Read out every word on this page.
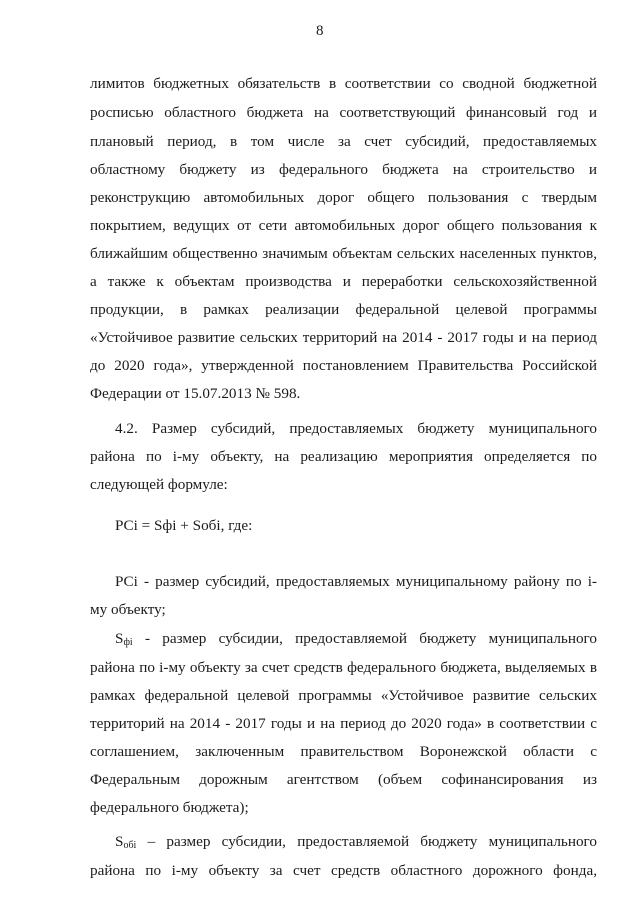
8
лимитов бюджетных обязательств в соответствии со сводной бюджетной
росписью областного бюджета на соответствующий финансовый год и
плановый период, в том числе за счет субсидий, предоставляемых
областному бюджету из федерального бюджета на строительство и
реконструкцию автомобильных дорог общего пользования с твердым
покрытием, ведущих от сети автомобильных дорог общего пользования к
ближайшим общественно значимым объектам сельских населенных пунктов,
а также к объектам производства и переработки сельскохозяйственной
продукции, в рамках реализации федеральной целевой программы
«Устойчивое развитие сельских территорий на 2014 - 2017 годы и на период
до 2020 года», утвержденной постановлением Правительства Российской
Федерации от 15.07.2013 № 598.
4.2. Размер субсидий, предоставляемых бюджету муниципального
района по і-му объекту, на реализацию мероприятия определяется по
следующей формуле:
РCi = Sфі + Sобі, где:
РCi - размер субсидий, предоставляемых муниципальному району по і-
му объекту;
$S_{фі}$ - размер субсидии, предоставляемой бюджету муниципального
района по і-му объекту за счет средств федерального бюджета, выделяемых в
рамках федеральной целевой программы «Устойчивое развитие сельских
территорий на 2014 - 2017 годы и на период до 2020 года» в соответствии с
соглашением, заключенным правительством Воронежской области с
Федеральным дорожным агентством (объем софинансирования из
федерального бюджета);
$S_{обі}$ – размер субсидии, предоставляемой бюджету муниципального
района по і-му объекту за счет средств областного дорожного фонда,
